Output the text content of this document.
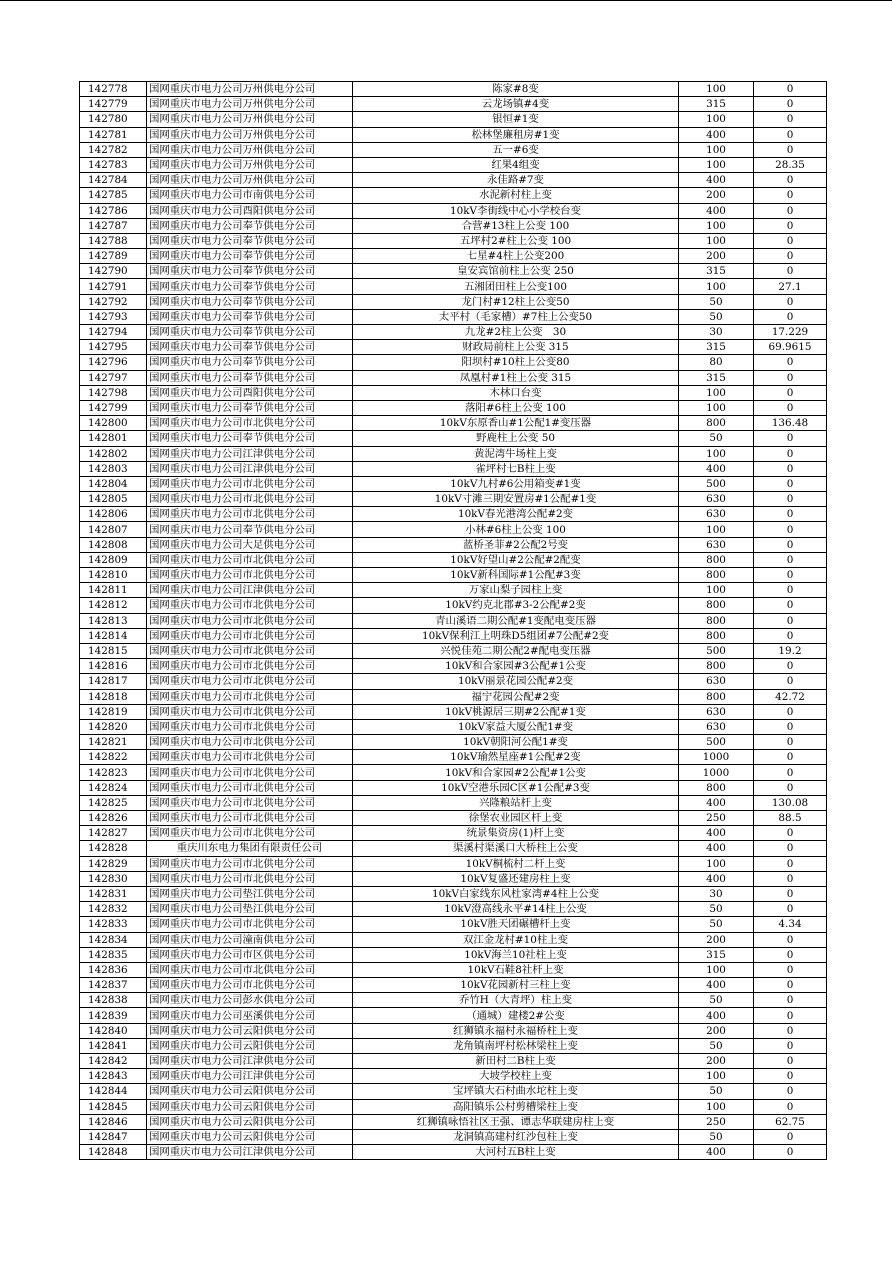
142778	国网重庆市电力公司万州供电分公司	陈家#8变	100	0
142779	国网重庆市电力公司万州供电分公司	云龙场镇#4变	315	0
142780	国网重庆市电力公司万州供电分公司	银恒#1变	100	0
142781	国网重庆市电力公司万州供电分公司	松林堡廉租房#1变	400	0
142782	国网重庆市电力公司万州供电分公司	五一#6变	100	0
142783	国网重庆市电力公司万州供电分公司	红果4组变	100	28.35
142784	国网重庆市电力公司万州供电分公司	永佳路#7变	400	0
142785	国网重庆市电力公司市南供电分公司	水泥新村柱上变	200	0
142786	国网重庆市电力公司酉阳供电分公司	10kV李街线中心小学校台变	400	0
142787	国网重庆市电力公司奉节供电分公司	合营#13柱上公变 100	100	0
142788	国网重庆市电力公司奉节供电分公司	五坪村2#柱上公变 100	100	0
142789	国网重庆市电力公司奉节供电分公司	七星#4柱上公变200	200	0
142790	国网重庆市电力公司奉节供电分公司	皇安宾馆前柱上公变 250	315	0
142791	国网重庆市电力公司奉节供电分公司	五湘团田柱上公变100	100	27.1
142792	国网重庆市电力公司奉节供电分公司	龙门村#12柱上公变50	50	0
142793	国网重庆市电力公司奉节供电分公司	太平村（毛家槽）#7柱上公变50	50	0
142794	国网重庆市电力公司奉节供电分公司	九龙#2柱上公变　30	30	17.229
142795	国网重庆市电力公司奉节供电分公司	财政局前柱上公变 315	315	69.9615
142796	国网重庆市电力公司奉节供电分公司	阳坝村#10柱上公变80	80	0
142797	国网重庆市电力公司奉节供电分公司	凤凰村#1柱上公变 315	315	0
142798	国网重庆市电力公司酉阳供电分公司	木林口台变	100	0
142799	国网重庆市电力公司奉节供电分公司	落阳#6柱上公变 100	100	0
142800	国网重庆市电力公司市北供电分公司	10kV东原香山#1公配1#变压器	800	136.48
142801	国网重庆市电力公司奉节供电分公司	野鹿柱上公变 50	50	0
142802	国网重庆市电力公司江津供电分公司	黄泥湾牛场柱上变	100	0
142803	国网重庆市电力公司江津供电分公司	雀坪村七B柱上变	400	0
142804	国网重庆市电力公司市北供电分公司	10kV九村#6公用箱变#1变	500	0
142805	国网重庆市电力公司市北供电分公司	10kV寸滩三期安置房#1公配#1变	630	0
142806	国网重庆市电力公司市北供电分公司	10kV春光港湾公配#2变	630	0
142807	国网重庆市电力公司奉节供电分公司	小林#6柱上公变 100	100	0
142808	国网重庆市电力公司大足供电分公司	蓝桥圣菲#2公配2号变	630	0
142809	国网重庆市电力公司市北供电分公司	10kV好望山#2公配#2配变	800	0
142810	国网重庆市电力公司市北供电分公司	10kV新科国际#1公配#3变	800	0
142811	国网重庆市电力公司江津供电分公司	万家山梨子园柱上变	100	0
142812	国网重庆市电力公司市北供电分公司	10kV约克北郡#3-2公配#2变	800	0
142813	国网重庆市电力公司市北供电分公司	青山溪语二期公配#1变配电变压器	800	0
142814	国网重庆市电力公司市北供电分公司	10kV保利江上明珠D5组团#7公配#2变	800	0
142815	国网重庆市电力公司市北供电分公司	兴悦佳苑二期公配2#配电变压器	500	19.2
142816	国网重庆市电力公司市北供电分公司	10kV和合家园#3公配#1公变	800	0
142817	国网重庆市电力公司市北供电分公司	10kV丽景花园公配#2变	630	0
142818	国网重庆市电力公司市北供电分公司	福宁花园公配#2变	800	42.72
142819	国网重庆市电力公司市北供电分公司	10kV桃源居三期#2公配#1变	630	0
142820	国网重庆市电力公司市北供电分公司	10kV家益大厦公配1#变	630	0
142821	国网重庆市电力公司市北供电分公司	10kV朝阳河公配1#变	500	0
142822	国网重庆市电力公司市北供电分公司	10kV瑜然星座#1公配#2变	1000	0
142823	国网重庆市电力公司市北供电分公司	10kV和合家园#2公配#1公变	1000	0
142824	国网重庆市电力公司市北供电分公司	10kV空港乐园C区#1公配#3变	800	0
142825	国网重庆市电力公司市北供电分公司	兴隆粮站杆上变	400	130.08
142826	国网重庆市电力公司市北供电分公司	徐堡农业园区杆上变	250	88.5
142827	国网重庆市电力公司市北供电分公司	统景集资房(1)杆上变	400	0
142828	重庆川东电力集团有限责任公司	渠溪村渠溪口大桥柱上公变	400	0
142829	国网重庆市电力公司市北供电分公司	10kV桐梳村二杆上变	100	0
142830	国网重庆市电力公司市北供电分公司	10kV复盛还建房柱上变	400	0
142831	国网重庆市电力公司垫江供电分公司	10kV白家线东风杜家湾#4柱上公变	30	0
142832	国网重庆市电力公司垫江供电分公司	10kV澄高线永平#14柱上公变	50	0
142833	国网重庆市电力公司市北供电分公司	10kV胜天团碾槽杆上变	50	4.34
142834	国网重庆市电力公司潼南供电分公司	双江金龙村#10柱上变	200	0
142835	国网重庆市电力公司市区供电分公司	10kV海兰10社柱上变	315	0
142836	国网重庆市电力公司市北供电分公司	10kV石鞋8社杆上变	100	0
142837	国网重庆市电力公司市北供电分公司	10kV花园新村三柱上变	400	0
142838	国网重庆市电力公司彭水供电分公司	乔竹H（大青坪）柱上变	50	0
142839	国网重庆市电力公司巫溪供电分公司	（通城）建楼2#公变	400	0
142840	国网重庆市电力公司云阳供电分公司	红狮镇永福村永福桥柱上变	200	0
142841	国网重庆市电力公司云阳供电分公司	龙角镇南坪村松林梁柱上变	50	0
142842	国网重庆市电力公司江津供电分公司	新田村二B柱上变	200	0
142843	国网重庆市电力公司江津供电分公司	大坡学校柱上变	100	0
142844	国网重庆市电力公司云阳供电分公司	宝坪镇大石村曲水坨柱上变	50	0
142845	国网重庆市电力公司云阳供电分公司	高阳镇乐公村剪槽梁柱上变	100	0
142846	国网重庆市电力公司云阳供电分公司	红狮镇咏悟社区王强、谭志华联建房柱上变	250	62.75
142847	国网重庆市电力公司云阳供电分公司	龙洞镇高建村红沙包柱上变	50	0
142848	国网重庆市电力公司江津供电分公司	大河村五B柱上变	400	0
